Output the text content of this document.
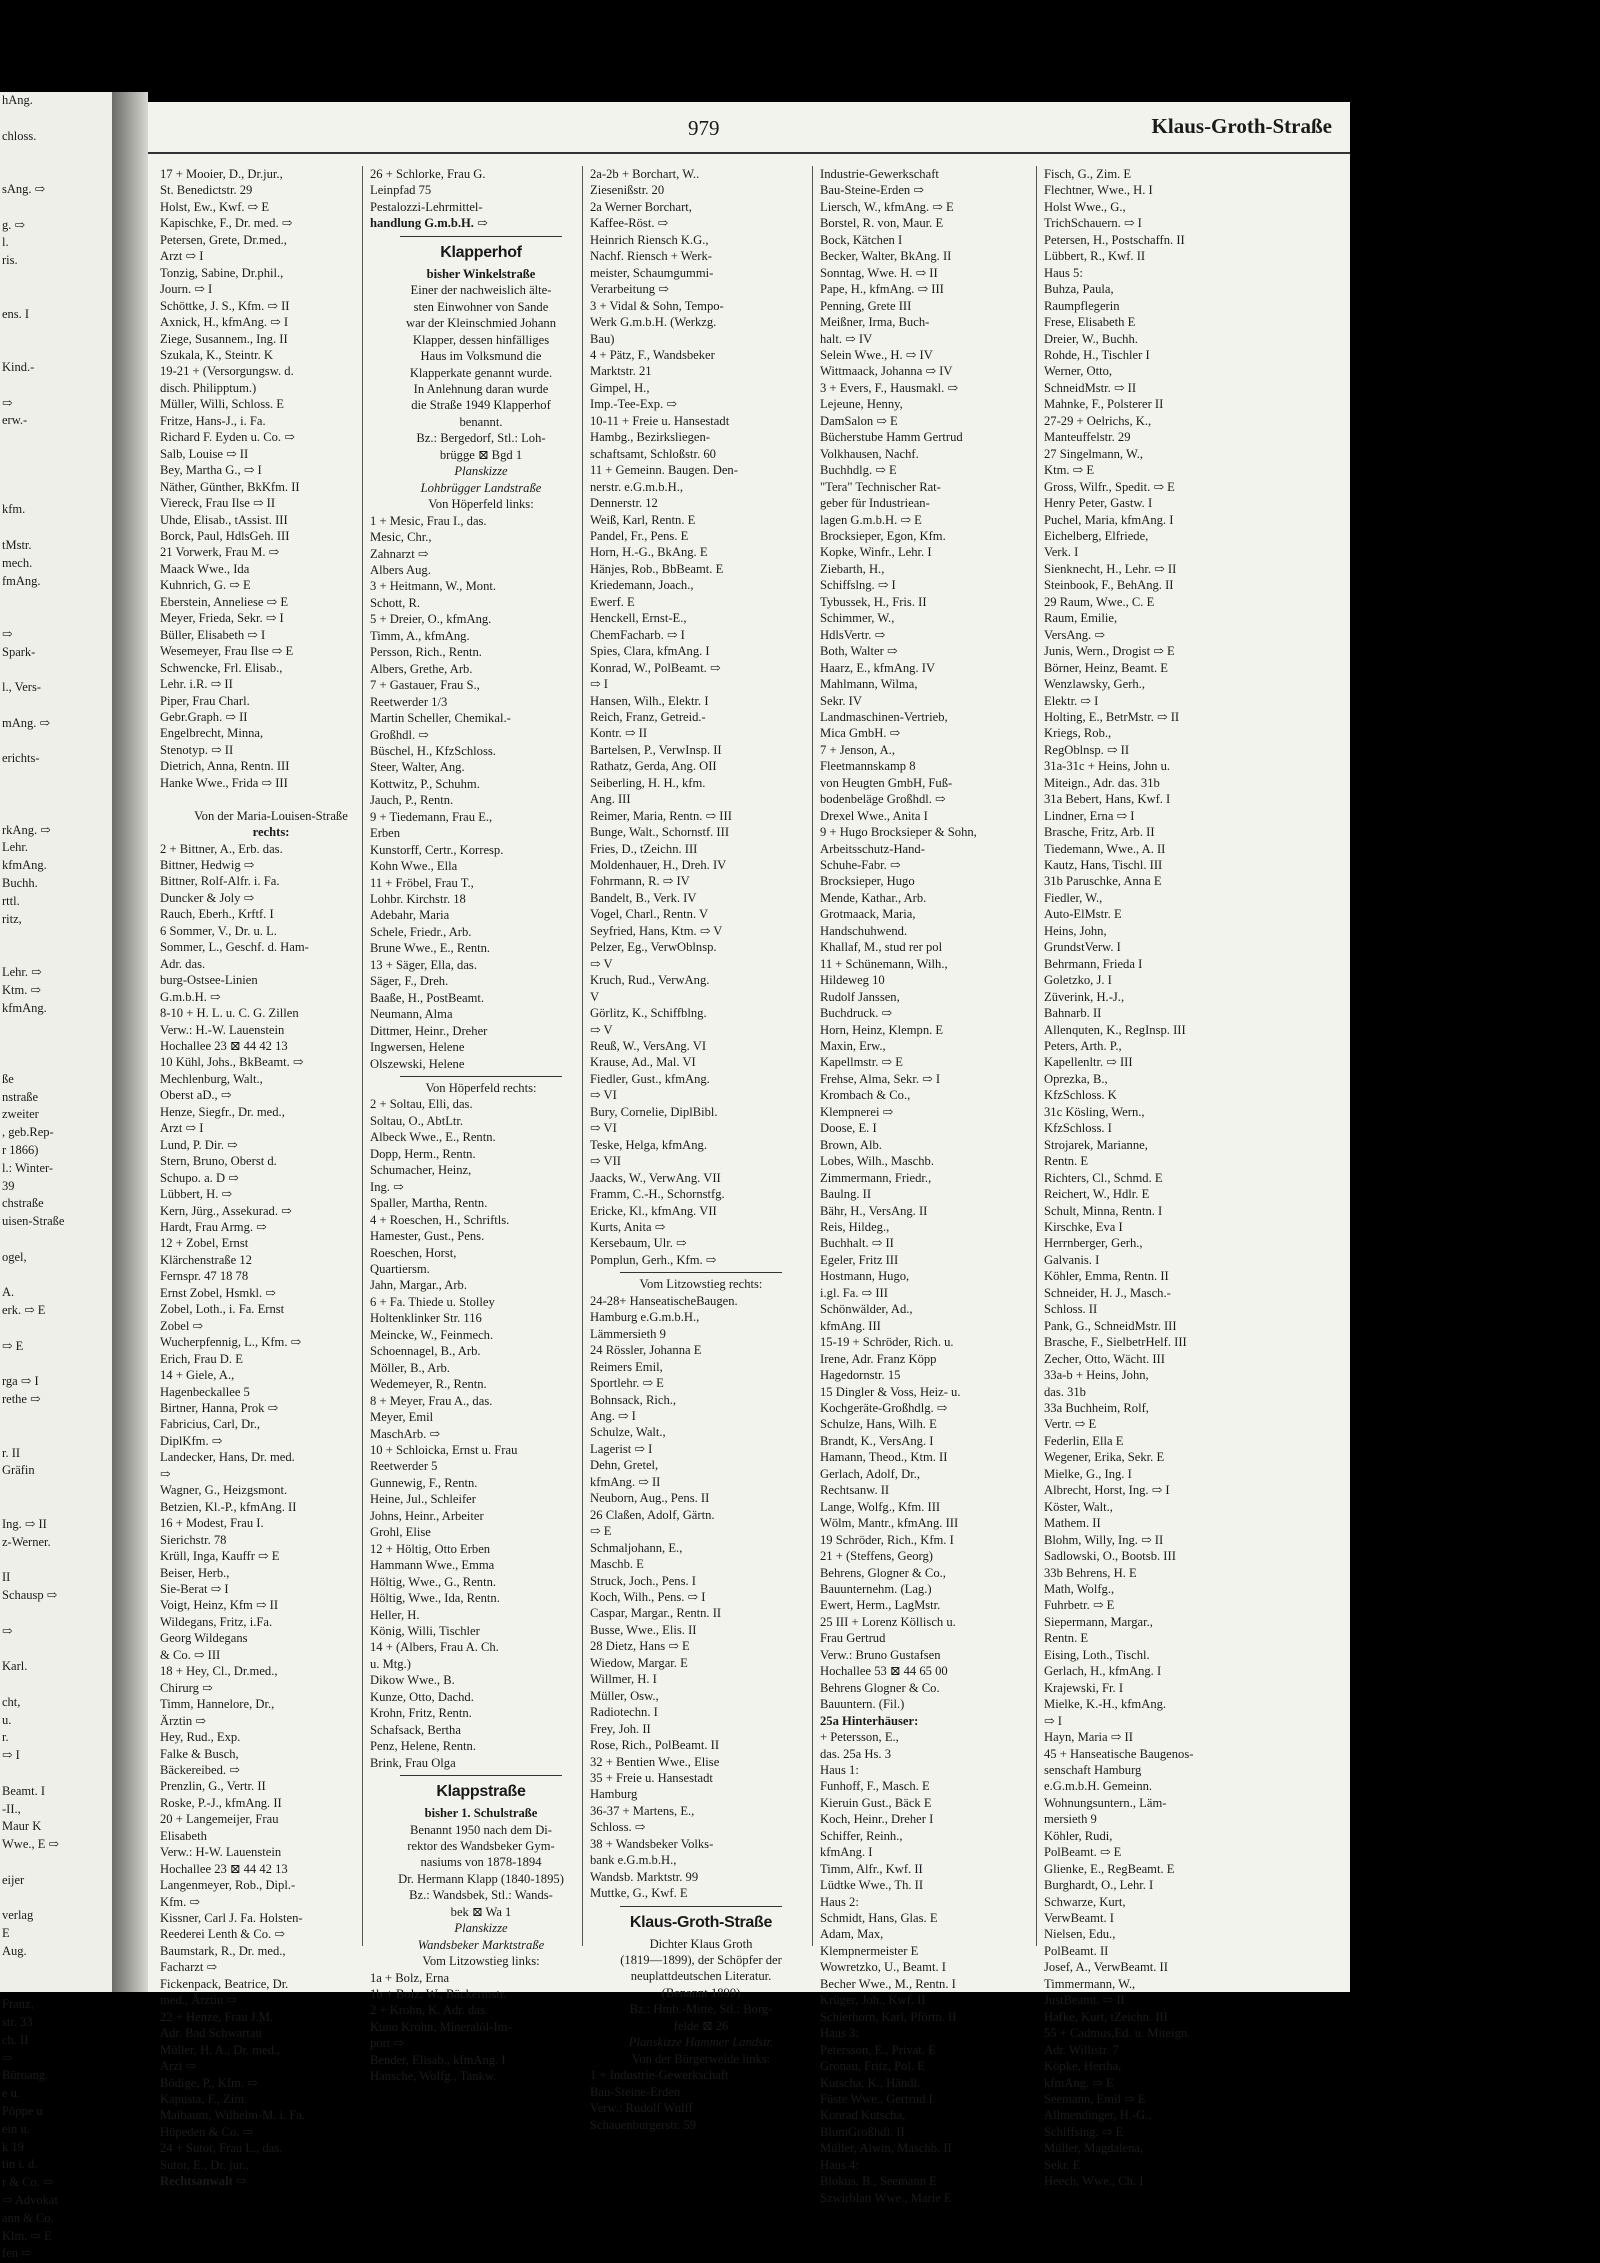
hAng.

chloss.

sAng. ⇨

g. ⇨
l.
ris.

ens. I

Kind.-

⇨
erw.-

kfm.

tMstr.
mech.
fmAng.

⇨
Spark-

l., Vers-

mAng. ⇨

erichts-

rkAng. ⇨
Lehr.
kfmAng.
Buchh.
rttl.
ritz,

Lehr. ⇨
Ktm. ⇨
kfmAng.

ße
nstraße
zweiter
, geb.Rep-
r 1866)
l.: Winter-
39
chstraße
uisen-Straße

ogel,

A.
erk. ⇨ E

⇨ E

rga ⇨ I
rethe ⇨

r. II
Gräfin

Ing. ⇨ II
z-Werner.

II
Schausp ⇨

⇨

Karl.

cht,
u.
r.
⇨ I

Beamt. I
-II.,
Maur K
Wwe., E ⇨

eijer

verlag
E
Aug.

Franz,
str. 33
ch. II
⇨
Büroang.
e u.
Pöppe u
ein u.
k 19
tin i. d.
r & Co. ⇨
⇨ Advokat
ann & Co.
Klm. ⇨ E
fen ⇨
979	Klaus-Groth-Straße
17 + Mooier, D., Dr.jur.,
St. Benedictstr. 29
Holst, Ew., Kwf. ⇨ E
Kapischke, F., Dr. med. ⇨
Petersen, Grete, Dr.med.,
Arzt ⇨ I
Tonzig, Sabine, Dr.phil.,
Journ. ⇨ I
Schöttke, J. S., Kfm. ⇨ II
Axnick, H., kfmAng. ⇨ I
Ziege, Susannem., Ing. II
Szukala, K., Steintr. K
19-21 + (Versorgungsw. d.
disch. Philipptum.)
Müller, Willi, Schloss. E
Fritze, Hans-J., i. Fa.
Richard F. Eyden u. Co. ⇨
Salb, Louise ⇨ II
Bey, Martha G., ⇨ I
Näther, Günther, BkKfm. II
Viereck, Frau Ilse ⇨ II
Uhde, Elisab., tAssist. III
Borck, Paul, HdlsGeh. III
21 Vorwerk, Frau M. ⇨
Maack Wwe., Ida
Kuhnrich, G. ⇨ E
Eberstein, Anneliese ⇨ E
Meyer, Frieda, Sekr. ⇨ I
Büller, Elisabeth ⇨ I
Wesemeyer, Frau Ilse ⇨ E
Schwencke, Frl. Elisab.,
Lehr. i.R. ⇨ II
Piper, Frau Charl.
Gebr.Graph. ⇨ II
Engelbrecht, Minna,
Stenotyp. ⇨ II
Dietrich, Anna, Rentn. III
Hanke Wwe., Frida ⇨ III

Von der Maria-Louisen-Straße
rechts:
2 + Bittner, A., Erb. das.
Bittner, Hedwig ⇨
Bittner, Rolf-Alfr. i. Fa.
Duncker & Joly ⇨
Rauch, Eberh., Krftf. I
6 Sommer, V., Dr. u. L.
Sommer, L., Geschf. d. Ham-
Adr. das.
burg-Ostsee-Linien
G.m.b.H. ⇨
8-10 + H. L. u. C. G. Zillen
Verw.: H.-W. Lauenstein
Hochallee 23 ⊠ 44 42 13
10 Kühl, Johs., BkBeamt. ⇨
Mechlenburg, Walt.,
Oberst aD., ⇨
Henze, Siegfr., Dr. med.,
Arzt ⇨ I
Lund, P. Dir. ⇨
Stern, Bruno, Oberst d.
Schupo. a. D ⇨
Lübbert, H. ⇨
Kern, Jürg., Assekurad. ⇨
Hardt, Frau Armg. ⇨
12 + Zobel, Ernst
Klärchenstraße 12
Fernspr. 47 18 78
Ernst Zobel, Hsmkl. ⇨
Zobel, Loth., i. Fa. Ernst
Zobel ⇨
Wucherpfennig, L., Kfm. ⇨
Erich, Frau D. E
14 + Giele, A.,
Hagenbeckallee 5
Birtner, Hanna, Prok ⇨
Fabricius, Carl, Dr.,
DiplKfm. ⇨
Landecker, Hans, Dr. med.
⇨
Wagner, G., Heizgsmont.
Betzien, Kl.-P., kfmAng. II
16 + Modest, Frau I.
Sierichstr. 78
Krüll, Inga, Kauffr ⇨ E
Beiser, Herb.,
Sie-Berat ⇨ I
Voigt, Heinz, Kfm ⇨ II
Wildegans, Fritz, i.Fa.
Georg Wildegans
& Co. ⇨ III
18 + Hey, Cl., Dr.med.,
Chirurg ⇨
Timm, Hannelore, Dr.,
Ärztin ⇨
Hey, Rud., Exp.
Falke & Busch,
Bäckereibed. ⇨
Prenzlin, G., Vertr. II
Roske, P.-J., kfmAng. II
20 + Langemeijer, Frau
Elisabeth
Verw.: H-W. Lauenstein
Hochallee 23 ⊠ 44 42 13
Langenmeyer, Rob., Dipl.-
Kfm. ⇨
Kissner, Carl J. Fa. Holsten-
Reederei Lenth & Co. ⇨
Baumstark, R., Dr. med.,
Facharzt ⇨
Fickenpack, Beatrice, Dr.
med., Ärztin ⇨
22 + Henze, Frau J.M.
Adr. Bad Schwartau
Müller, H. A., Dr. med.,
Arzt ⇨
Bödige, P., Kfm. ⇨
Kapusta, F., Zim.
Maibaum, Wilhelm-M. i. Fa.
Hüpeden & Co. ⇨
24 + Sutor, Frau L., das.
Sutor, E., Dr. jur.,
Rechtsanwalt ⇨
26 + Schlorke, Frau G.
Leinpfad 75
Pestalozzi-Lehrmittel-
handlung G.m.b.H. ⇨
Klapperhof
bisher Winkelstraße
Einer der nachweislich älte-
sten Einwohner von Sande
war der Kleinschmied Johann
Klapper, dessen hinfälliges
Haus im Volksmund die
Klapperkate genannt wurde.
In Anlehnung daran wurde
die Straße 1949 Klapperhof
benannt.
Bz.: Bergedorf, Stl.: Loh-
brügge ⊠ Bgd 1
Planskizze
Lohbrügger Landstraße
Von Höperfeld links:
1 + Mesic, Frau I., das.
Mesic, Chr.,
Zahnarzt ⇨
Albers Aug.
3 + Heitmann, W., Mont.
Schott, R.
5 + Dreier, O., kfmAng.
Timm, A., kfmAng.
Persson, Rich., Rentn.
Albers, Grethe, Arb.
7 + Gastauer, Frau S.,
Reetwerder 1/3
Martin Scheller, Chemikal.-
Großhdl. ⇨
Büschel, H., KfzSchloss.
Steer, Walter, Ang.
Kottwitz, P., Schuhm.
Jauch, P., Rentn.
9 + Tiedemann, Frau E.,
Erben
Kunstorff, Certr., Korresp.
Kohn Wwe., Ella
11 + Fröbel, Frau T.,
Lohbr. Kirchstr. 18
Adebahr, Maria
Schele, Friedr., Arb.
Brune Wwe., E., Rentn.
13 + Säger, Ella, das.
Säger, F., Dreh.
Baaße, H., PostBeamt.
Neumann, Alma
Dittmer, Heinr., Dreher
Ingwersen, Helene
Olszewski, Helene
Von Höperfeld rechts:
2 + Soltau, Elli, das.
Soltau, O., AbtLtr.
Albeck Wwe., E., Rentn.
Dopp, Herm., Rentn.
Schumacher, Heinz,
Ing. ⇨
Spaller, Martha, Rentn.
4 + Roeschen, H., Schriftls.
Hamester, Gust., Pens.
Roeschen, Horst,
Quartiersm.
Jahn, Margar., Arb.
6 + Fa. Thiede u. Stolley
Holtenklinker Str. 116
Meincke, W., Feinmech.
Schoennagel, B., Arb.
Möller, B., Arb.
Wedemeyer, R., Rentn.
8 + Meyer, Frau A., das.
Meyer, Emil
MaschArb. ⇨
10 + Schloicka, Ernst u. Frau
Reetwerder 5
Gunnewig, F., Rentn.
Heine, Jul., Schleifer
Johns, Heinr., Arbeiter
Grohl, Elise
12 + Höltig, Otto Erben
Hammann Wwe., Emma
Höltig, Wwe., G., Rentn.
Höltig, Wwe., Ida, Rentn.
Heller, H.
König, Willi, Tischler
14 + (Albers, Frau A. Ch.
u. Mtg.)
Dikow Wwe., B.
Kunze, Otto, Dachd.
Krohn, Fritz, Rentn.
Schafsack, Bertha
Penz, Helene, Rentn.
Brink, Frau Olga
Klappstraße
bisher 1. Schulstraße
Benannt 1950 nach dem Di-
rektor des Wandsbeker Gym-
nasiums von 1878-1894
Dr. Hermann Klapp (1840-1895)
Bz.: Wandsbek, Stl.: Wands-
bek ⊠ Wa 1
Planskizze
Wandsbeker Marktstraße
Vom Litzowstieg links:
1a + Bolz, Erna
1b + Bolz, W., Bäckermstr.
2 + Krohn, K. Adr. das.
Kuno Krohn, Mineralöl-Im-
port ⇨
Bender, Elisab., kfmAng. I
Hansche, Wolfg., Tankw.
2a-2b + Borchart, W..
Ziesenißstr. 20
2a Werner Borchart,
Kaffee-Röst. ⇨
Heinrich Riensch K.G.,
Nachf. Riensch + Werk-
meister, Schaumgummi-
Verarbeitung ⇨
3 + Vidal & Sohn, Tempo-
Werk G.m.b.H. (Werkzg.
Bau)
4 + Pätz, F., Wandsbeker
Marktstr. 21
Gimpel, H.,
Imp.-Tee-Exp. ⇨
10-11 + Freie u. Hansestadt
Hambg., Bezirksliegen-
schaftsamt, Schloßstr. 60
11 + Gemeinn. Baugen. Den-
nerstr. e.G.m.b.H.,
Dennerstr. 12
Weiß, Karl, Rentn. E
Pandel, Fr., Pens. E
Horn, H.-G., BkAng. E
Hänjes, Rob., BbBeamt. E
Kriedemann, Joach.,
Ewerf. E
Henckell, Ernst-E.,
ChemFacharb. ⇨ I
Spies, Clara, kfmAng. I
Konrad, W., PolBeamt. ⇨
⇨ I
Hansen, Wilh., Elektr. I
Reich, Franz, Getreid.-
Kontr. ⇨ II
Bartelsen, P., VerwInsp. II
Rathatz, Gerda, Ang. OII
Seiberling, H. H., kfm.
Ang. III
Reimer, Maria, Rentn. ⇨ III
Bunge, Walt., Schornstf. III
Fries, D., tZeichn. III
Moldenhauer, H., Dreh. IV
Fohrmann, R. ⇨ IV
Bandelt, B., Verk. IV
Vogel, Charl., Rentn. V
Seyfried, Hans, Ktm. ⇨ V
Pelzer, Eg., VerwOblnsp.
⇨ V
Kruch, Rud., VerwAng.
V
Görlitz, K., Schiffblng.
⇨ V
Reuß, W., VersAng. VI
Krause, Ad., Mal. VI
Fiedler, Gust., kfmAng.
⇨ VI
Bury, Cornelie, DiplBibl.
⇨ VI
Teske, Helga, kfmAng.
⇨ VII
Jaacks, W., VerwAng. VII
Framm, C.-H., Schornstfg.
Ericke, Kl., kfmAng. VII
Kurts, Anita ⇨
Kersebaum, Ulr. ⇨
Pomplun, Gerh., Kfm. ⇨
Vom Litzowstieg rechts:
24-28+ HanseatischeBaugen.
Hamburg e.G.m.b.H.,
Lämmersieth 9
24 Rössler, Johanna E
Reimers Emil,
Sportlehr. ⇨ E
Bohnsack, Rich.,
Ang. ⇨ I
Schulze, Walt.,
Lagerist ⇨ I
Dehn, Gretel,
kfmAng. ⇨ II
Neuborn, Aug., Pens. II
26 Claßen, Adolf, Gärtn.
⇨ E
Schmaljohann, E.,
Maschb. E
Struck, Joch., Pens. I
Koch, Wilh., Pens. ⇨ I
Caspar, Margar., Rentn. II
Busse, Wwe., Elis. II
28 Dietz, Hans ⇨ E
Wiedow, Margar. E
Willmer, H. I
Müller, Osw.,
Radiotechn. I
Frey, Joh. II
Rose, Rich., PolBeamt. II
32 + Bentien Wwe., Elise
35 + Freie u. Hansestadt
Hamburg
36-37 + Martens, E.,
Schloss. ⇨
38 + Wandsbeker Volks-
bank e.G.m.b.H.,
Wandsb. Marktstr. 99
Muttke, G., Kwf. E
Klaus-Groth-Straße
Dichter Klaus Groth
(1819—1899), der Schöpfer der
neuplattdeutschen Literatur.
(Benannt 1899)
Bz.: Hmb.-Mitte, Stl.: Borg-
felde ⊠ 26
Planskizze Hammer Landstr.
Von der Bürgerweide links:
1 + Industrie-Gewerkschaft
Bau-Steine-Erden
Verw.: Rudolf Wulff
Schauenburgerstr. 59
Industrie-Gewerkschaft
Bau-Steine-Erden ⇨
Liersch, W., kfmAng. ⇨ E
Borstel, R. von, Maur. E
Bock, Kätchen I
Becker, Walter, BkAng. II
Sonntag, Wwe. H. ⇨ II
Pape, H., kfmAng. ⇨ III
Penning, Grete III
Meißner, Irma, Buch-
halt. ⇨ IV
Selein Wwe., H. ⇨ IV
Wittmaack, Johanna ⇨ IV
3 + Evers, F., Hausmakl. ⇨
Lejeune, Henny,
DamSalon ⇨ E
Bücherstube Hamm Gertrud
Volkhausen, Nachf.
Buchhdlg. ⇨ E
"Tera" Technischer Rat-
geber für Industriean-
lagen G.m.b.H. ⇨ E
Brocksieper, Egon, Kfm.
Kopke, Winfr., Lehr. I
Ziebarth, H.,
Schiffslng. ⇨ I
Tybussek, H., Fris. II
Schimmer, W.,
HdlsVertr. ⇨
Both, Walter ⇨
Haarz, E., kfmAng. IV
Mahlmann, Wilma,
Sekr. IV
Landmaschinen-Vertrieb,
Mica GmbH. ⇨
7 + Jenson, A.,
Fleetmannskamp 8
von Heugten GmbH, Fuß-
bodenbeläge Großhdl. ⇨
Drexel Wwe., Anita I
9 + Hugo Brocksieper & Sohn,
Arbeitsschutz-Hand-
Schuhe-Fabr. ⇨
Brocksieper, Hugo
Mende, Kathar., Arb.
Grotmaack, Maria,
Handschuhwend.
Khallaf, M., stud rer pol
11 + Schünemann, Wilh.,
Hildeweg 10
Rudolf Janssen,
Buchdruck. ⇨
Horn, Heinz, Klempn. E
Maxin, Erw.,
Kapellmstr. ⇨ E
Frehse, Alma, Sekr. ⇨ I
Krombach & Co.,
Klempnerei ⇨
Doose, E. I
Brown, Alb.
Lobes, Wilh., Maschb.
Zimmermann, Friedr.,
Baulng. II
Bähr, H., VersAng. II
Reis, Hildeg.,
Buchhalt. ⇨ II
Egeler, Fritz III
Hostmann, Hugo,
i.gl. Fa. ⇨ III
Schönwälder, Ad.,
kfmAng. III
15-19 + Schröder, Rich. u.
Irene, Adr. Franz Köpp
Hagedornstr. 15
15 Dingler & Voss, Heiz- u.
Kochgeräte-Großhdlg. ⇨
Schulze, Hans, Wilh. E
Brandt, K., VersAng. I
Hamann, Theod., Ktm. II
Gerlach, Adolf, Dr.,
Rechtsanw. II
Lange, Wolfg., Kfm. III
Wölm, Mantr., kfmAng. III
19 Schröder, Rich., Kfm. I
21 + (Steffens, Georg)
Behrens, Glogner & Co.,
Bauunternehm. (Lag.)
Ewert, Herm., LagMstr.
25 III + Lorenz Köllisch u.
Frau Gertrud
Verw.: Bruno Gustafsen
Hochallee 53 ⊠ 44 65 00
Behrens Glogner & Co.
Bauuntern. (Fil.)
25a Hinterhäuser:
+ Petersson, E.,
das. 25a Hs. 3
Haus 1:
Funhoff, F., Masch. E
Kieruin Gust., Bäck E
Koch, Heinr., Dreher I
Schiffer, Reinh.,
kfmAng. I
Timm, Alfr., Kwf. II
Lüdtke Wwe., Th. II
Haus 2:
Schmidt, Hans, Glas. E
Adam, Max,
Klempnermeister E
Wowretzko, U., Beamt. I
Becher Wwe., M., Rentn. I
Krüger, Joh., Kwf. II
Schierhorn, Karl, Pförtn. II
Haus 3:
Petersson, E., Privat. E
Gronau, Fritz, Pol. E
Kutscha, K., Händl.
Füste Wwe., Gertrud I
Konrad Kutscha,
BlumGroßhdl. II
Müller, Alwin, Maschb. II
Haus 4:
Blokus, B., Seemann E
Szwirblatt Wwe., Marie E
Fisch, G., Zim. E
Flechtner, Wwe., H. I
Holst Wwe., G.,
TrichSchauern. ⇨ I
Petersen, H., Postschaffn. II
Lübbert, R., Kwf. II
Haus 5:
Buhza, Paula,
Raumpflegerin
Frese, Elisabeth E
Dreier, W., Buchh.
Rohde, H., Tischler I
Werner, Otto,
SchneidMstr. ⇨ II
Mahnke, F., Polsterer II
27-29 + Oelrichs, K.,
Manteuffelstr. 29
27 Singelmann, W.,
Ktm. ⇨ E
Gross, Wilfr., Spedit. ⇨ E
Henry Peter, Gastw. I
Puchel, Maria, kfmAng. I
Eichelberg, Elfriede,
Verk. I
Sienknecht, H., Lehr. ⇨ II
Steinbook, F., BehAng. II
29 Raum, Wwe., C. E
Raum, Emilie,
VersAng. ⇨
Junis, Wern., Drogist ⇨ E
Börner, Heinz, Beamt. E
Wenzlawsky, Gerh.,
Elektr. ⇨ I
Holting, E., BetrMstr. ⇨ II
Kriegs, Rob.,
RegOblnsp. ⇨ II
31a-31c + Heins, John u.
Miteign., Adr. das. 31b
31a Bebert, Hans, Kwf. I
Lindner, Erna ⇨ I
Brasche, Fritz, Arb. II
Tiedemann, Wwe., A. II
Kautz, Hans, Tischl. III
31b Paruschke, Anna E
Fiedler, W.,
Auto-ElMstr. E
Heins, John,
GrundstVerw. I
Behrmann, Frieda I
Goletzko, J. I
Züverink, H.-J.,
Bahnarb. II
Allenquten, K., RegInsp. III
Peters, Arth. P.,
Kapellenltr. ⇨ III
Oprezka, B.,
KfzSchloss. K
31c Kösling, Wern.,
KfzSchloss. I
Strojarek, Marianne,
Rentn. E
Richters, Cl., Schmd. E
Reichert, W., Hdlr. E
Schult, Minna, Rentn. I
Kirschke, Eva I
Herrnberger, Gerh.,
Galvanis. I
Köhler, Emma, Rentn. II
Schneider, H. J., Masch.-
Schloss. II
Pank, G., SchneidMstr. III
Brasche, F., SielbetrHelf. III
Zecher, Otto, Wächt. III
33a-b + Heins, John,
das. 31b
33a Buchheim, Rolf,
Vertr. ⇨ E
Federlin, Ella E
Wegener, Erika, Sekr. E
Mielke, G., Ing. I
Albrecht, Horst, Ing. ⇨ I
Köster, Walt.,
Mathem. II
Blohm, Willy, Ing. ⇨ II
Sadlowski, O., Bootsb. III
33b Behrens, H. E
Math, Wolfg.,
Fuhrbetr. ⇨ E
Siepermann, Margar.,
Rentn. E
Eising, Loth., Tischl.
Gerlach, H., kfmAng. I
Krajewski, Fr. I
Mielke, K.-H., kfmAng.
⇨ I
Hayn, Maria ⇨ II
45 + Hanseatische Baugenos-
senschaft Hamburg
e.G.m.b.H. Gemeinn.
Wohnungsuntern., Läm-
mersieth 9
Köhler, Rudi,
PolBeamt. ⇨ E
Glienke, E., RegBeamt. E
Burghardt, O., Lehr. I
Schwarze, Kurt,
VerwBeamt. I
Nielsen, Edu.,
PolBeamt. II
Josef, A., VerwBeamt. II
Timmermann, W.,
JustBeamt. ⇨ II
Hafke, Kurt, tZeichn. III
55 + Cadmus,Ed. u. Miteign.
Adr. Willistr. 7
Köpke, Hertha,
kfmAng. ⇨ E
Seemann, Emil ⇨ E
Allmendinger, H.-G.,
Schiffsing. ⇨ E
Müller, Magdalena,
Sekr. E
Heech, Wwe., Ch. I
